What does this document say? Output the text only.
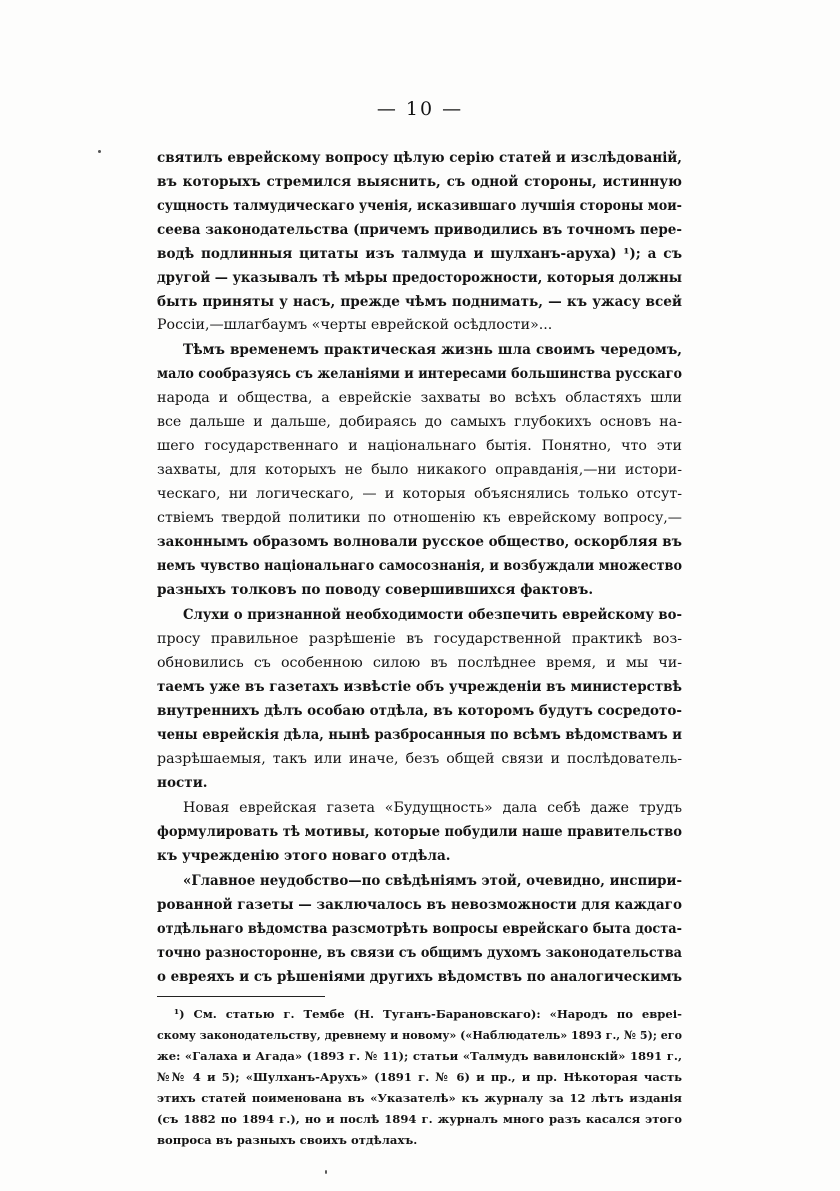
— 10 —
святилъ еврейскому вопросу цѣлую серію статей и изслѣдованій,
въ которыхъ стремился выяснить, съ одной стороны, истинную
сущность талмудическаго ученія, исказившаго лучшія стороны мои-
сеева законодательства (причемъ приводились въ точномъ пере-
водѣ подлинныя цитаты изъ талмуда и шулханъ-аруха) ¹); а съ
другой — указывалъ тѣ мѣры предосторожности, которыя должны
быть приняты у насъ, прежде чѣмъ поднимать, — къ ужасу всей
Россіи,—шлагбаумъ «черты еврейской осѣдлости»...
Тѣмъ временемъ практическая жизнь шла своимъ чередомъ,
мало сообразуясь съ желаніями и интересами большинства русскаго
народа и общества, а еврейскіе захваты во всѣхъ областяхъ шли
все дальше и дальше, добираясь до самыхъ глубокихъ основъ на-
шего государственнаго и національнаго бытія. Понятно, что эти
захваты, для которыхъ не было никакого оправданія,—ни истори-
ческаго, ни логическаго, — и которыя объяснялись только отсут-
ствіемъ твердой политики по отношенію къ еврейскому вопросу,—
законнымъ образомъ волновали русское общество, оскорбляя въ
немъ чувство національнаго самосознанія, и возбуждали множество
разныхъ толковъ по поводу совершившихся фактовъ.
Слухи о признанной необходимости обезпечить еврейскому во-
просу правильное разрѣшеніе въ государственной практикѣ воз-
обновились съ особенною силою въ послѣднее время, и мы чи-
таемъ уже въ газетахъ извѣстіе объ учрежденіи въ министерствѣ
внутреннихъ дѣлъ особаю отдѣла, въ которомъ будутъ сосредото-
чены еврейскія дѣла, нынѣ разбросанныя по всѣмъ вѣдомствамъ и
разрѣшаемыя, такъ или иначе, безъ общей связи и послѣдователь-
ности.
Новая еврейская газета «Будущность» дала себѣ даже трудъ
формулировать тѣ мотивы, которые побудили наше правительство
къ учрежденію этого новаго отдѣла.
«Главное неудобство—по свѣдѣніямъ этой, очевидно, инспири-
рованной газеты — заключалось въ невозможности для каждаго
отдѣльнаго вѣдомства разсмотрѣть вопросы еврейскаго быта доста-
точно разносторонне, въ связи съ общимъ духомъ законодательства
о евреяхъ и съ рѣшеніями другихъ вѣдомствъ по аналогическимъ
¹) См. статью г. Тембе (Н. Туганъ-Барановскаго): «Народъ по евреі-
скому законодательству, древнему и новому» («Наблюдатель» 1893 г., № 5); его
же: «Галаха и Агада» (1893 г. № 11); статьи «Талмудъ вавилонскій» 1891 г.,
№№ 4 и 5); «Шулханъ-Арухъ» (1891 г. № 6) и пр., и пр. Нѣкоторая часть
этихъ статей поименована въ «Указателѣ» къ журналу за 12 лѣтъ изданія
(съ 1882 по 1894 г.), но и послѣ 1894 г. журналъ много разъ касался этого
вопроса въ разныхъ своихъ отдѣлахъ.
